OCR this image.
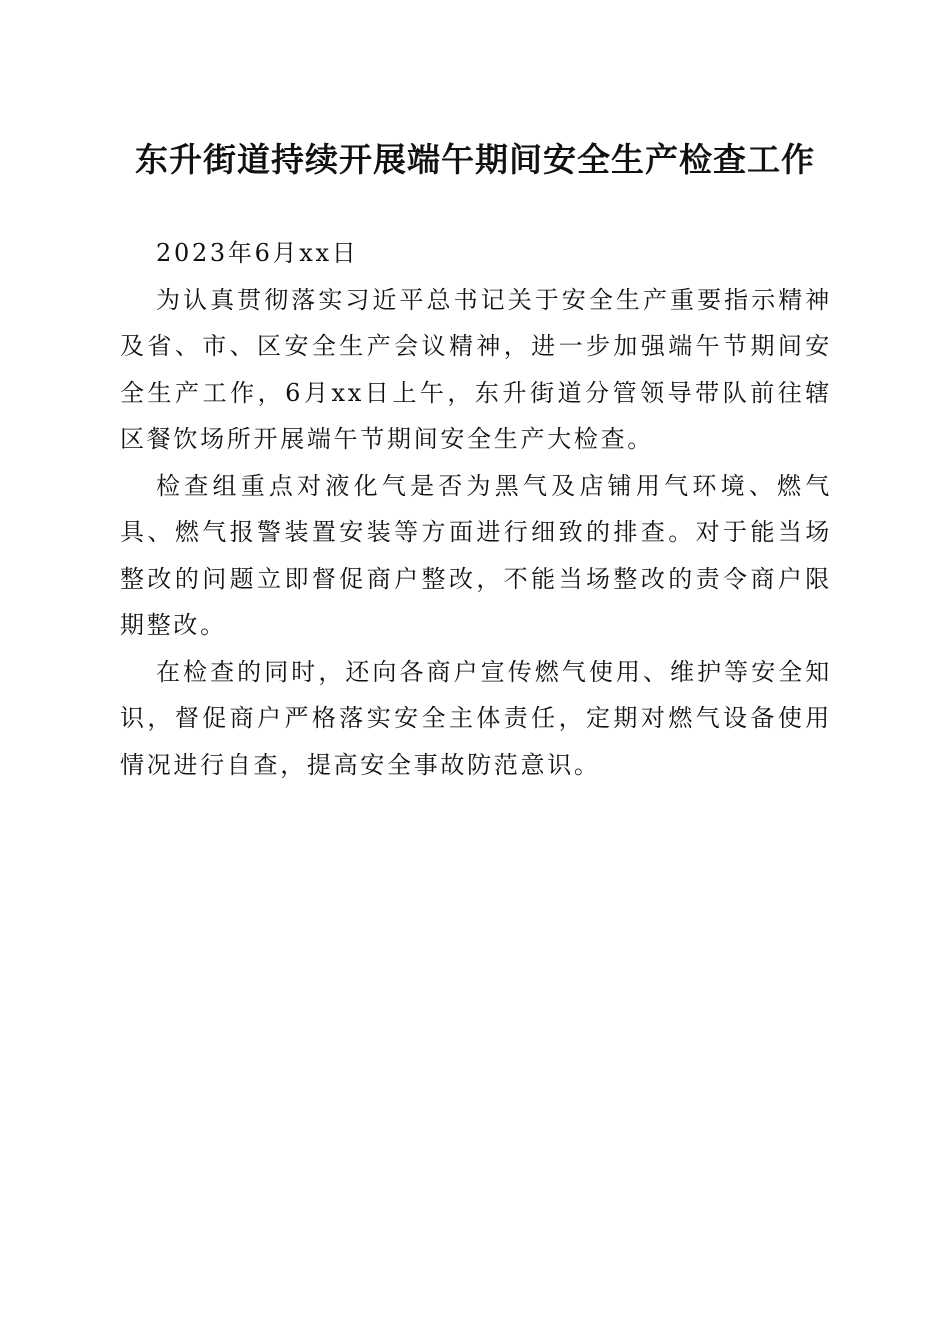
东升街道持续开展端午期间安全生产检查工作

2023年6月xx日

为认真贯彻落实习近平总书记关于安全生产重要指示精神及省、市、区安全生产会议精神，进一步加强端午节期间安全生产工作，6月xx日上午，东升街道分管领导带队前往辖区餐饮场所开展端午节期间安全生产大检查。

检查组重点对液化气是否为黑气及店铺用气环境、燃气具、燃气报警装置安装等方面进行细致的排查。对于能当场整改的问题立即督促商户整改，不能当场整改的责令商户限期整改。

在检查的同时，还向各商户宣传燃气使用、维护等安全知识，督促商户严格落实安全主体责任，定期对燃气设备使用情况进行自查，提高安全事故防范意识。
